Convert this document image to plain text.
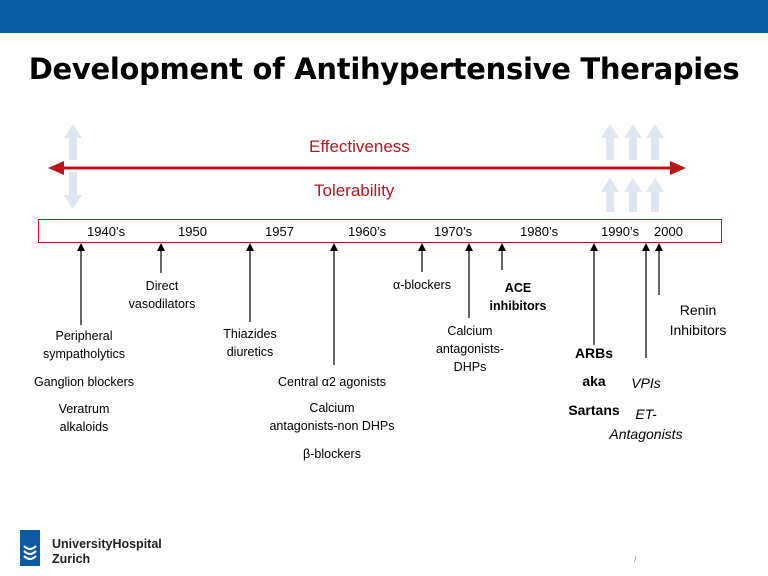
Development of Antihypertensive Therapies
Effectiveness
Tolerability
1940’s	1950	1957	1960’s	1970’s	1980’s	1990’s 2000
Peripheral
sympatholytics
Ganglion blockers
Veratrum
alkaloids
Direct
vasodilators
Thiazides
diuretics
Central α2 agonists
Calcium
antagonists-non DHPs
β-blockers
α-blockers
Calcium
antagonists-
DHPs
ACE
inhibitors
ARBs
aka
Sartans
VPIs
ET-
Antagonists
Renin
Inhibitors
UniversityHospital
Zurich	/
